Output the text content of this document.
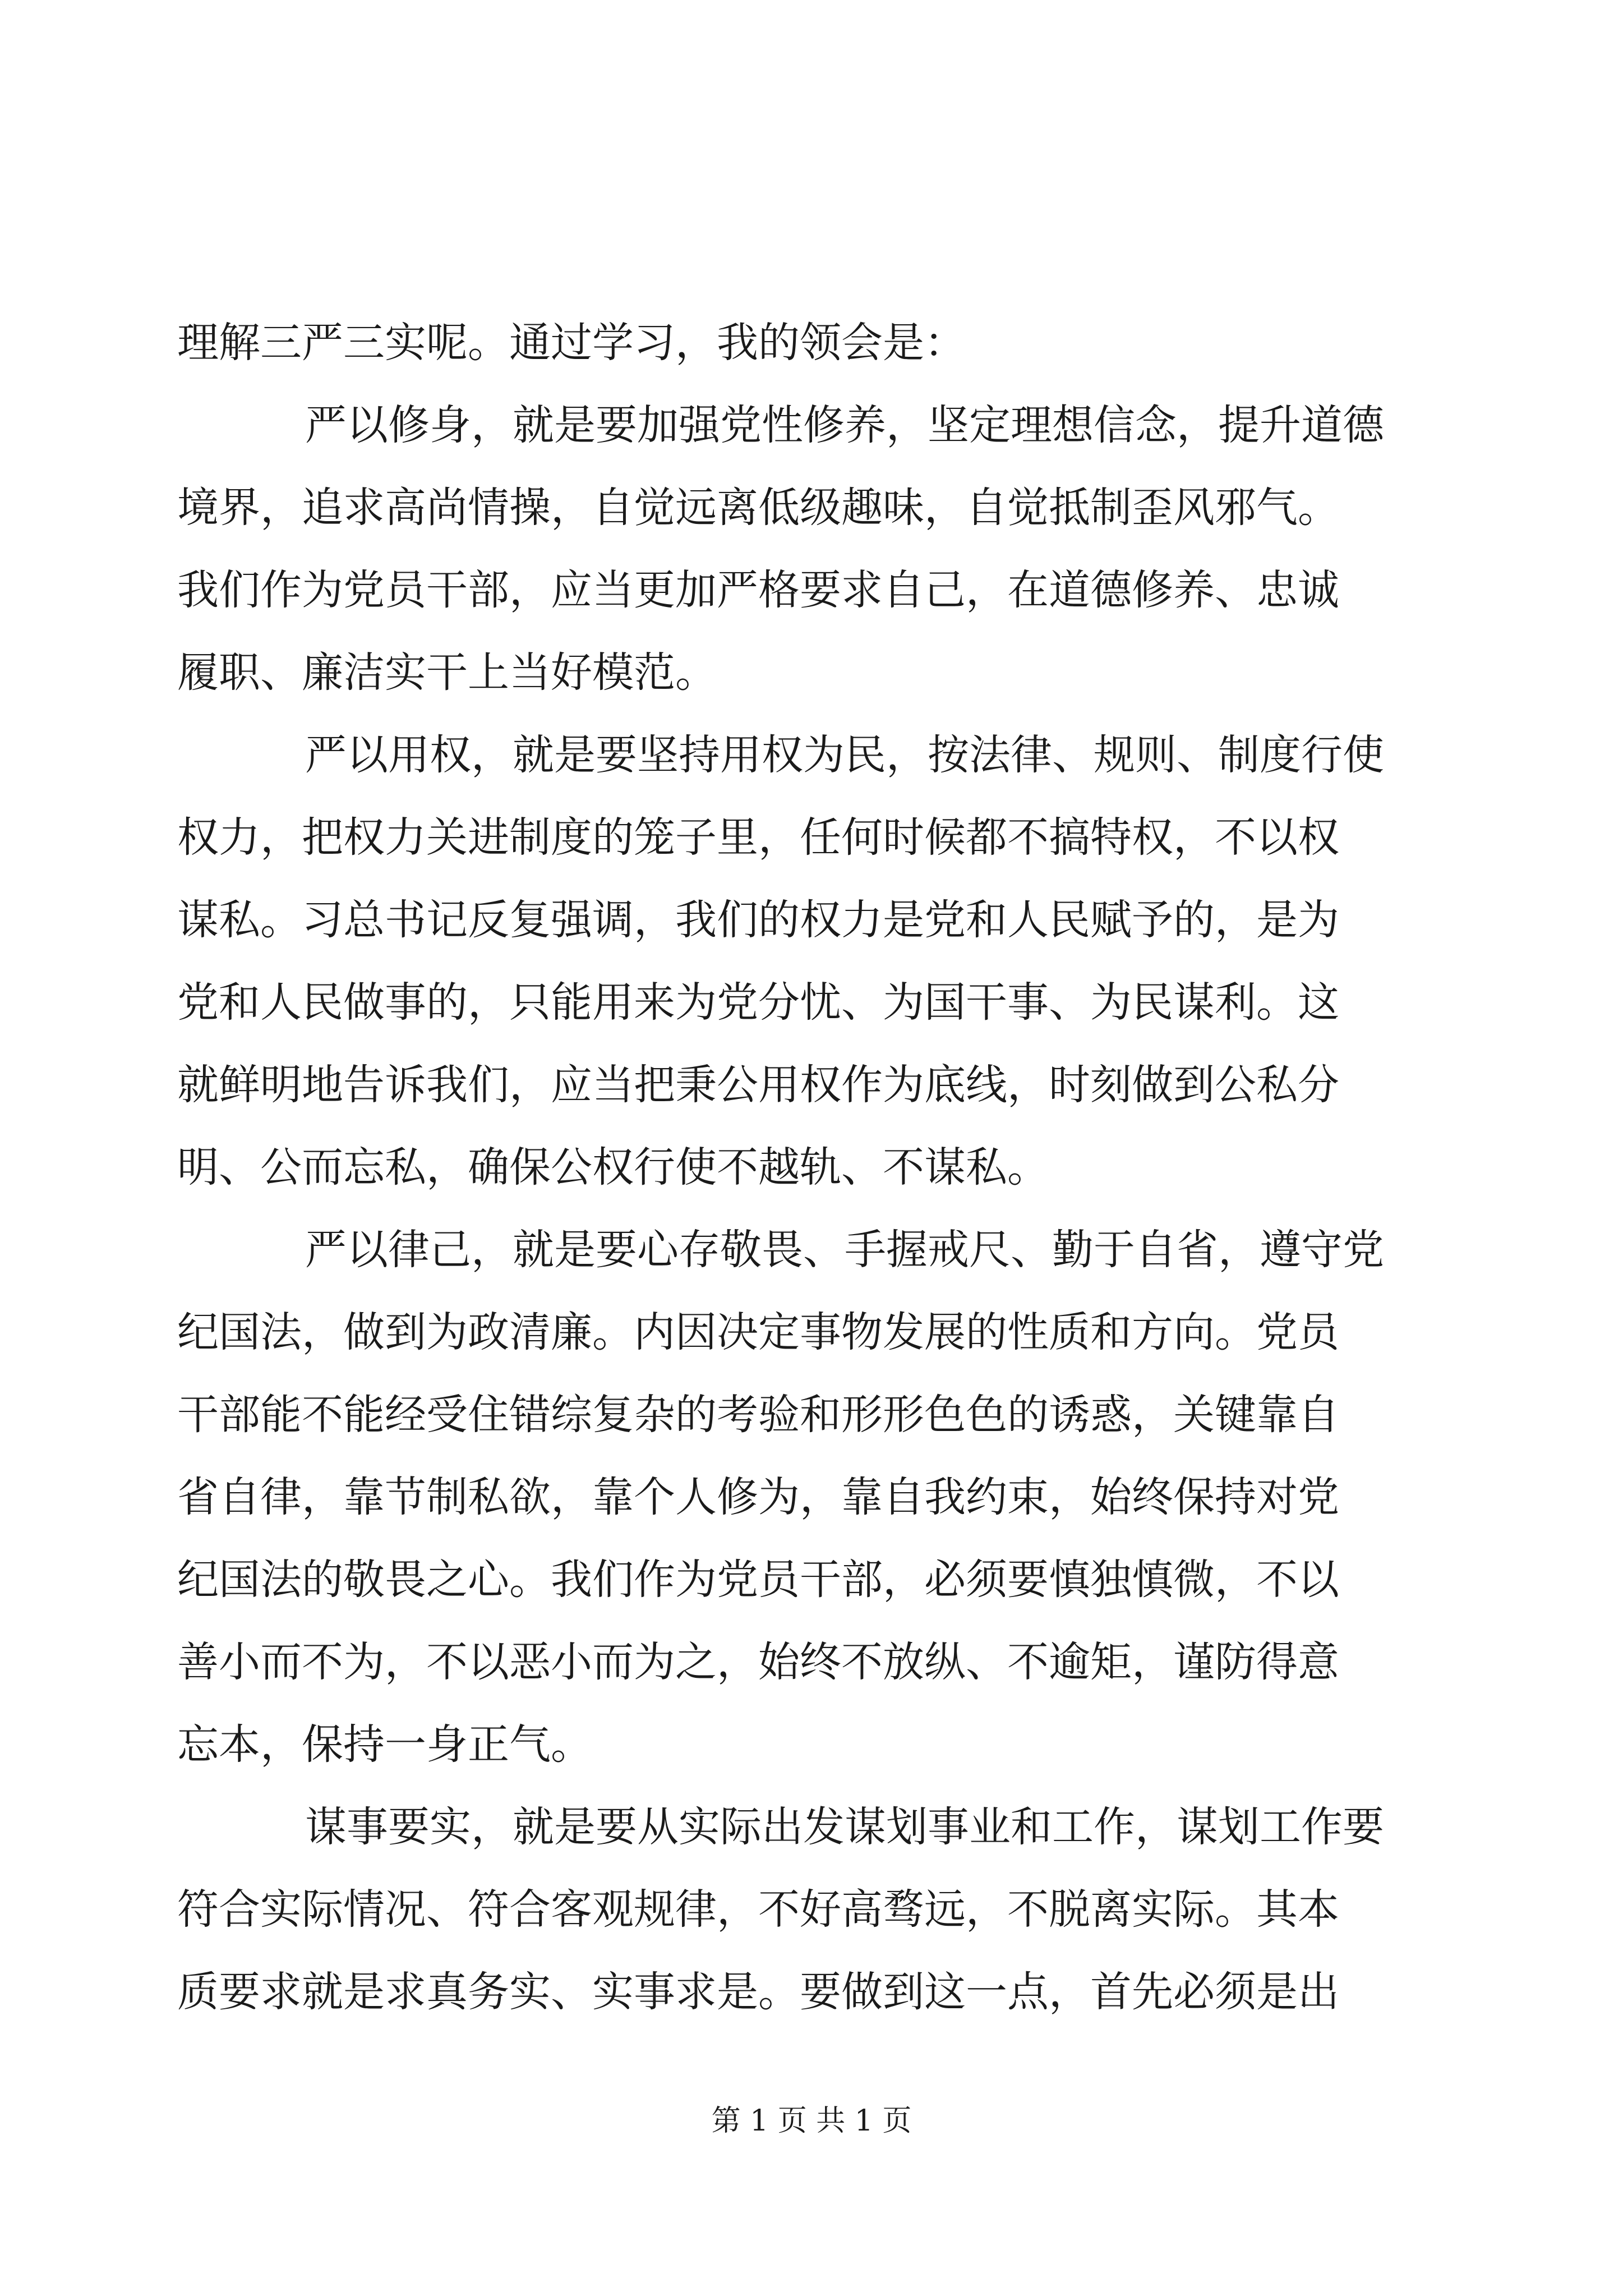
理解三严三实呢。通过学习，我的领会是：
严以修身，就是要加强党性修养，坚定理想信念，提升道德
境界，追求高尚情操，自觉远离低级趣味，自觉抵制歪风邪气。
我们作为党员干部，应当更加严格要求自己，在道德修养、忠诚
履职、廉洁实干上当好模范。
严以用权，就是要坚持用权为民，按法律、规则、制度行使
权力，把权力关进制度的笼子里，任何时候都不搞特权，不以权
谋私。习总书记反复强调，我们的权力是党和人民赋予的，是为
党和人民做事的，只能用来为党分忧、为国干事、为民谋利。这
就鲜明地告诉我们，应当把秉公用权作为底线，时刻做到公私分
明、公而忘私，确保公权行使不越轨、不谋私。
严以律己，就是要心存敬畏、手握戒尺、勤于自省，遵守党
纪国法，做到为政清廉。内因决定事物发展的性质和方向。党员
干部能不能经受住错综复杂的考验和形形色色的诱惑，关键靠自
省自律，靠节制私欲，靠个人修为，靠自我约束，始终保持对党
纪国法的敬畏之心。我们作为党员干部，必须要慎独慎微，不以
善小而不为，不以恶小而为之，始终不放纵、不逾矩，谨防得意
忘本，保持一身正气。
谋事要实，就是要从实际出发谋划事业和工作，谋划工作要
符合实际情况、符合客观规律，不好高骛远，不脱离实际。其本
质要求就是求真务实、实事求是。要做到这一点，首先必须是出
第 1 页 共 1 页
